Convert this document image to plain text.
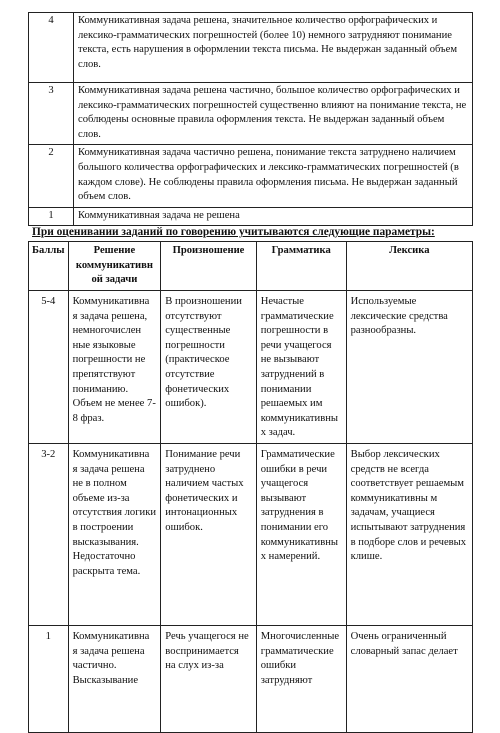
4	Коммуникативная задача решена, значительное количество орфографических и лексико-грамматических погрешностей (более 10) немного затрудняют понимание текста, есть нарушения в оформлении текста письма. Не выдержан заданный объем слов.
3	Коммуникативная задача решена частично, большое количество орфографических и лексико-грамматических погрешностей существенно влияют на понимание текста, не соблюдены основные правила оформления текста. Не выдержан заданный объем слов.
2	Коммуникативная задача частично решена, понимание текста затруднено наличием большого количества орфографических и лексико-грамматических погрешностей (в каждом слове). Не соблюдены правила оформления письма. Не выдержан заданный объем слов.
1	Коммуникативная задача не решена
При оценивании заданий по говорению учитываются следующие параметры:
Баллы	Решение коммуникативн ой задачи	Произношение	Грамматика	Лексика
5-4	Коммуникативна я задача решена, немногочислен ные языковые погрешности не препятствуют пониманию. Объем не менее 7-8 фраз.	В произношении отсутствуют существенные погрешности (практическое отсутствие фонетических ошибок).	Нечастые грамматические погрешности в речи учащегося не вызывают затруднений в понимании решаемых им коммуникативны х задач.	Используемые лексические средства разнообразны.
3-2	Коммуникативна я задача решена не в полном объеме из-за отсутствия логики в построении высказывания. Недостаточно раскрыта тема.	Понимание речи затруднено наличием частых фонетических и интонационных ошибок.	Грамматические ошибки в речи учащегося вызывают затруднения в понимании его коммуникативны х намерений.	Выбор лексических средств не всегда соответствует решаемым коммуникативны м задачам, учащиеся испытывают затруднения в подборе слов и речевых клише.
1	Коммуникативна я задача решена частично. Высказывание	Речь учащегося не воспринимается на слух из-за	Многочисленные грамматические ошибки затрудняют	Очень ограниченный словарный запас делает
